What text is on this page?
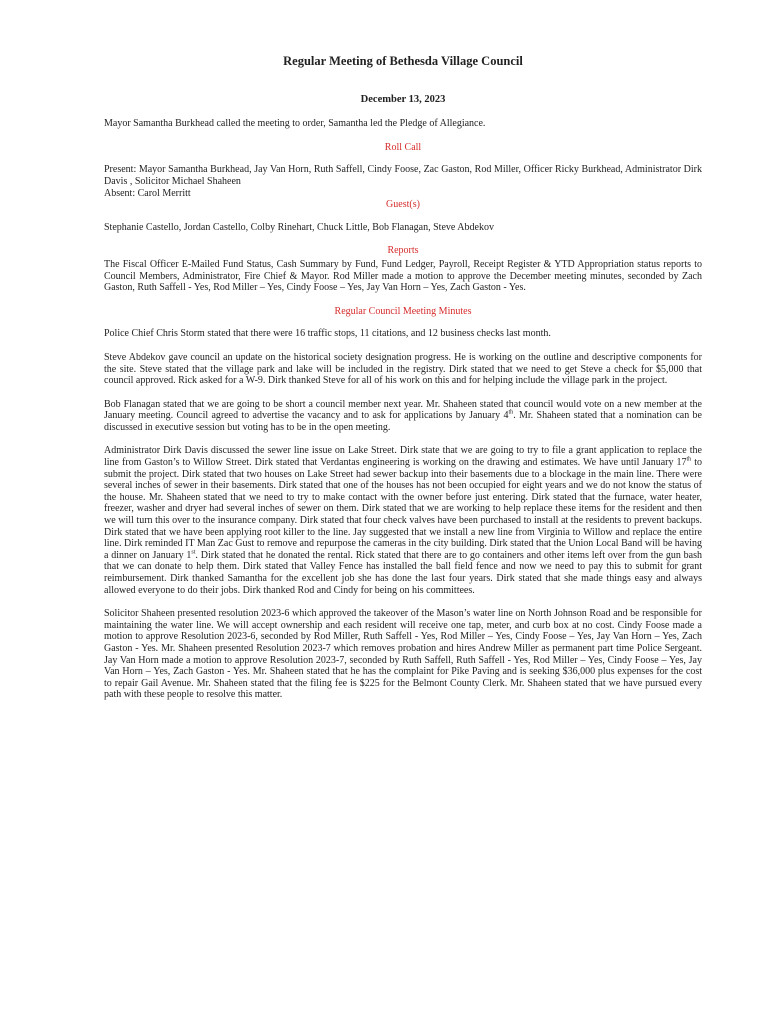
Regular Meeting of Bethesda Village Council
December 13, 2023

Mayor Samantha Burkhead called the meeting to order, Samantha led the Pledge of Allegiance.

Roll Call

Present: Mayor Samantha Burkhead, Jay Van Horn, Ruth Saffell, Cindy Foose, Zac Gaston, Rod Miller, Officer Ricky Burkhead, Administrator Dirk Davis , Solicitor Michael Shaheen

Absent: Carol Merritt

Guest(s)

Stephanie Castello, Jordan Castello, Colby Rinehart, Chuck Little, Bob Flanagan, Steve Abdekov

Reports

The Fiscal Officer E-Mailed Fund Status, Cash Summary by Fund, Fund Ledger, Payroll, Receipt Register & YTD Appropriation status reports to Council Members, Administrator, Fire Chief & Mayor. Rod Miller made a motion to approve the December meeting minutes, seconded by Zach Gaston, Ruth Saffell - Yes, Rod Miller – Yes, Cindy Foose – Yes, Jay Van Horn – Yes, Zach Gaston - Yes.

Regular Council Meeting Minutes

Police Chief Chris Storm stated that there were 16 traffic stops, 11 citations, and 12 business checks last month.

Steve Abdekov gave council an update on the historical society designation progress. He is working on the outline and descriptive components for the site. Steve stated that the village park and lake will be included in the registry. Dirk stated that we need to get Steve a check for $5,000 that council approved. Rick asked for a W-9. Dirk thanked Steve for all of his work on this and for helping include the village park in the project.

Bob Flanagan stated that we are going to be short a council member next year. Mr. Shaheen stated that council would vote on a new member at the January meeting. Council agreed to advertise the vacancy and to ask for applications by January 4th. Mr. Shaheen stated that a nomination can be discussed in executive session but voting has to be in the open meeting.

Administrator Dirk Davis discussed the sewer line issue on Lake Street. Dirk state that we are going to try to file a grant application to replace the line from Gaston’s to Willow Street. Dirk stated that Verdantas engineering is working on the drawing and estimates. We have until January 17th to submit the project. Dirk stated that two houses on Lake Street had sewer backup into their basements due to a blockage in the main line. There were several inches of sewer in their basements. Dirk stated that one of the houses has not been occupied for eight years and we do not know the status of the house. Mr. Shaheen stated that we need to try to make contact with the owner before just entering. Dirk stated that the furnace, water heater, freezer, washer and dryer had several inches of sewer on them. Dirk stated that we are working to help replace these items for the resident and then we will turn this over to the insurance company. Dirk stated that four check valves have been purchased to install at the residents to prevent backups. Dirk stated that we have been applying root killer to the line. Jay suggested that we install a new line from Virginia to Willow and replace the entire line. Dirk reminded IT Man Zac Gust to remove and repurpose the cameras in the city building. Dirk stated that the Union Local Band will be having a dinner on January 1st. Dirk stated that he donated the rental. Rick stated that there are to go containers and other items left over from the gun bash that we can donate to help them. Dirk stated that Valley Fence has installed the ball field fence and now we need to pay this to submit for grant reimbursement. Dirk thanked Samantha for the excellent job she has done the last four years. Dirk stated that she made things easy and always allowed everyone to do their jobs. Dirk thanked Rod and Cindy for being on his committees.

Solicitor Shaheen presented resolution 2023-6 which approved the takeover of the Mason’s water line on North Johnson Road and be responsible for maintaining the water line. We will accept ownership and each resident will receive one tap, meter, and curb box at no cost. Cindy Foose made a motion to approve Resolution 2023-6, seconded by Rod Miller, Ruth Saffell - Yes, Rod Miller – Yes, Cindy Foose – Yes, Jay Van Horn – Yes, Zach Gaston - Yes. Mr. Shaheen presented Resolution 2023-7 which removes probation and hires Andrew Miller as permanent part time Police Sergeant. Jay Van Horn made a motion to approve Resolution 2023-7, seconded by Ruth Saffell, Ruth Saffell - Yes, Rod Miller – Yes, Cindy Foose – Yes, Jay Van Horn – Yes, Zach Gaston - Yes. Mr. Shaheen stated that he has the complaint for Pike Paving and is seeking $36,000 plus expenses for the cost to repair Gail Avenue. Mr. Shaheen stated that the filing fee is $225 for the Belmont County Clerk. Mr. Shaheen stated that we have pursued every path with these people to resolve this matter.
